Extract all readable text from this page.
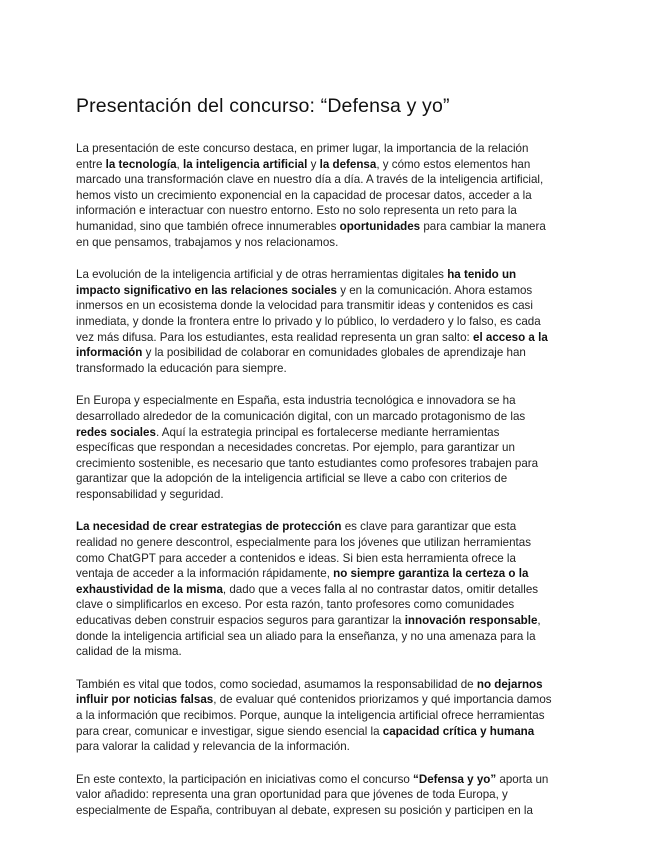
Presentación del concurso: “Defensa y yo”

La presentación de este concurso destaca, en primer lugar, la importancia de la relación entre la tecnología, la inteligencia artificial y la defensa, y cómo estos elementos han marcado una transformación clave en nuestro día a día. A través de la inteligencia artificial, hemos visto un crecimiento exponencial en la capacidad de procesar datos, acceder a la información e interactuar con nuestro entorno. Esto no solo representa un reto para la humanidad, sino que también ofrece innumerables oportunidades para cambiar la manera en que pensamos, trabajamos y nos relacionamos.

La evolución de la inteligencia artificial y de otras herramientas digitales ha tenido un impacto significativo en las relaciones sociales y en la comunicación. Ahora estamos inmersos en un ecosistema donde la velocidad para transmitir ideas y contenidos es casi inmediata, y donde la frontera entre lo privado y lo público, lo verdadero y lo falso, es cada vez más difusa. Para los estudiantes, esta realidad representa un gran salto: el acceso a la información y la posibilidad de colaborar en comunidades globales de aprendizaje han transformado la educación para siempre.

En Europa y especialmente en España, esta industria tecnológica e innovadora se ha desarrollado alrededor de la comunicación digital, con un marcado protagonismo de las redes sociales. Aquí la estrategia principal es fortalecerse mediante herramientas específicas que respondan a necesidades concretas. Por ejemplo, para garantizar un crecimiento sostenible, es necesario que tanto estudiantes como profesores trabajen para garantizar que la adopción de la inteligencia artificial se lleve a cabo con criterios de responsabilidad y seguridad.

La necesidad de crear estrategias de protección es clave para garantizar que esta realidad no genere descontrol, especialmente para los jóvenes que utilizan herramientas como ChatGPT para acceder a contenidos e ideas. Si bien esta herramienta ofrece la ventaja de acceder a la información rápidamente, no siempre garantiza la certeza o la exhaustividad de la misma, dado que a veces falla al no contrastar datos, omitir detalles clave o simplificarlos en exceso. Por esta razón, tanto profesores como comunidades educativas deben construir espacios seguros para garantizar la innovación responsable, donde la inteligencia artificial sea un aliado para la enseñanza, y no una amenaza para la calidad de la misma.

También es vital que todos, como sociedad, asumamos la responsabilidad de no dejarnos influir por noticias falsas, de evaluar qué contenidos priorizamos y qué importancia damos a la información que recibimos. Porque, aunque la inteligencia artificial ofrece herramientas para crear, comunicar e investigar, sigue siendo esencial la capacidad crítica y humana para valorar la calidad y relevancia de la información.

En este contexto, la participación en iniciativas como el concurso “Defensa y yo” aporta un valor añadido: representa una gran oportunidad para que jóvenes de toda Europa, y especialmente de España, contribuyan al debate, expresen su posición y participen en la
